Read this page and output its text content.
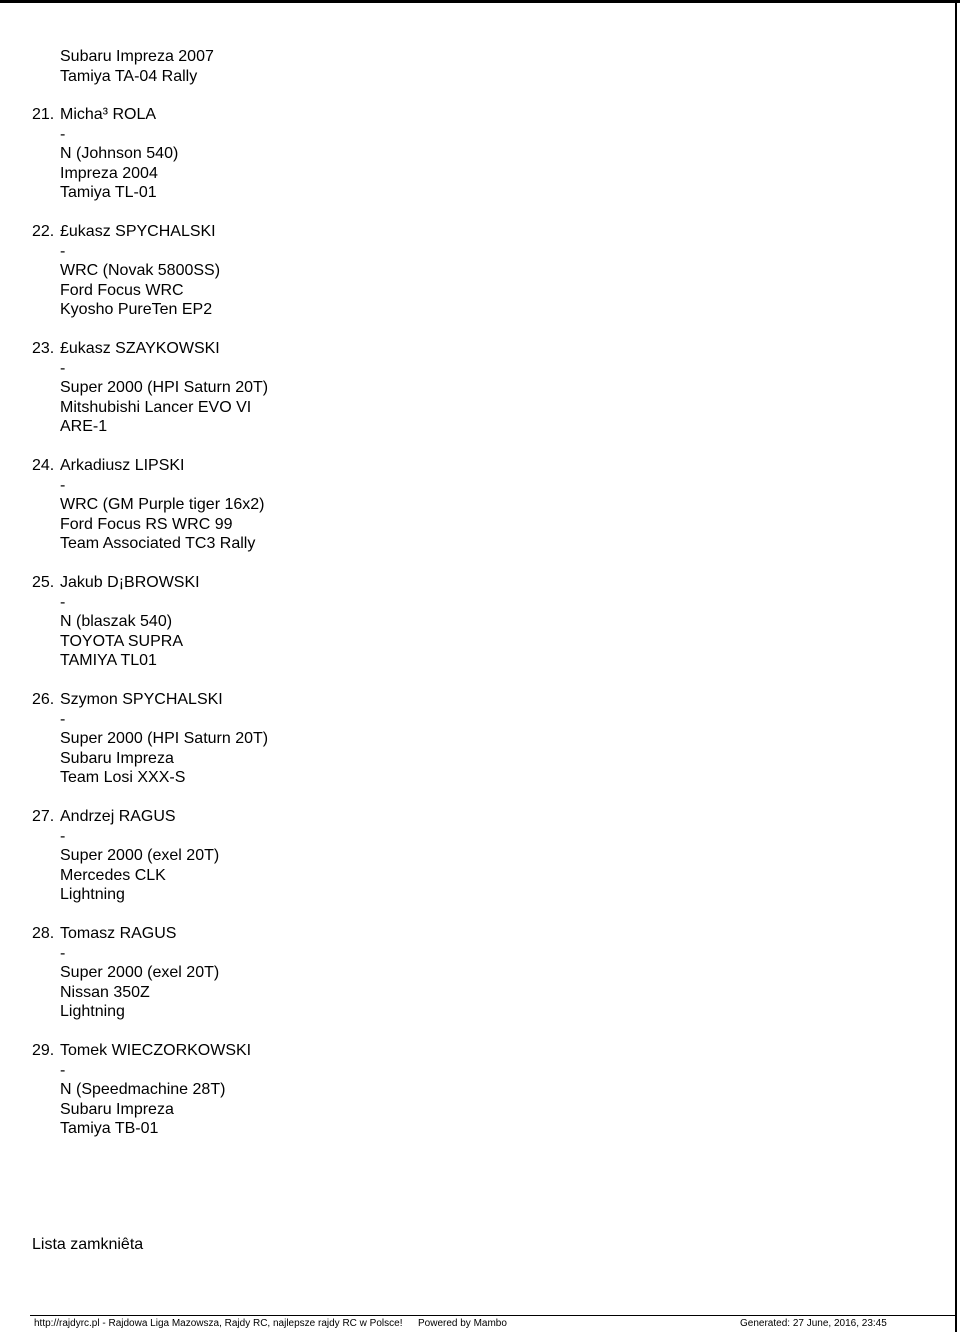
Subaru Impreza 2007
Tamiya TA-04 Rally
21. Micha³ ROLA
-
N (Johnson 540)
Impreza 2004
Tamiya TL-01
22. £ukasz SPYCHALSKI
-
WRC (Novak 5800SS)
Ford Focus WRC
Kyosho PureTen EP2
23. £ukasz SZAYKOWSKI
-
Super 2000 (HPI Saturn 20T)
Mitshubishi Lancer EVO VI
ARE-1
24. Arkadiusz LIPSKI
-
WRC (GM Purple tiger 16x2)
Ford Focus RS WRC 99
Team Associated TC3 Rally
25. Jakub D¡BROWSKI
-
N (blaszak 540)
TOYOTA SUPRA
TAMIYA TL01
26. Szymon SPYCHALSKI
-
Super 2000 (HPI Saturn 20T)
Subaru Impreza
Team Losi XXX-S
27. Andrzej RAGUS
-
Super 2000 (exel 20T)
Mercedes CLK
Lightning
28. Tomasz RAGUS
-
Super 2000 (exel 20T)
Nissan 350Z
Lightning
29. Tomek WIECZORKOWSKI
-
N (Speedmachine 28T)
Subaru Impreza
Tamiya TB-01
Lista zamkniêta
http://rajdyrc.pl - Rajdowa Liga Mazowsza, Rajdy RC, najlepsze rajdy RC w Polsce! Powered by Mambo	Generated: 27 June, 2016, 23:45
